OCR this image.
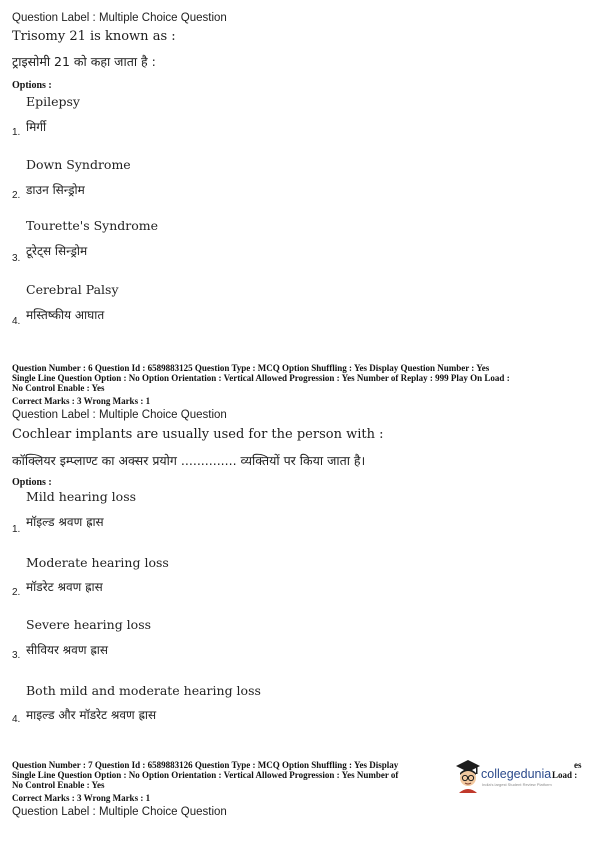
Question Label : Multiple Choice Question
Trisomy 21 is known as :
ट्राइसोमी 21 को कहा जाता है :
Options :
Epilepsy
मिर्गी
1.
Down Syndrome
डाउन सिन्ड्रोम
2.
Tourette's Syndrome
टूरेट्स सिन्ड्रोम
3.
Cerebral Palsy
मस्तिष्कीय आघात
4.
Question Number : 6 Question Id : 6589883125 Question Type : MCQ Option Shuffling : Yes Display Question Number : Yes
Single Line Question Option : No Option Orientation : Vertical Allowed Progression : Yes Number of Replay : 999 Play On Load :
No Control Enable : Yes
Correct Marks : 3 Wrong Marks : 1
Question Label : Multiple Choice Question
Cochlear implants are usually used for the person with :
कॉक्लियर इम्प्लाण्ट का अक्सर प्रयोग .............. व्यक्तियों पर किया जाता है।
Options :
Mild hearing loss
मॉइल्ड श्रवण ह्रास
1.
Moderate hearing loss
मॉडरेट श्रवण ह्रास
2.
Severe hearing loss
सीवियर श्रवण ह्रास
3.
Both mild and moderate hearing loss
माइल्ड और मॉडरेट श्रवण ह्रास
4.
Question Number : 7 Question Id : 6589883126 Question Type : MCQ Option Shuffling : Yes Display
Single Line Question Option : No Option Orientation : Vertical Allowed Progression : Yes Number of
No Control Enable : Yes
es
Load :
Correct Marks : 3 Wrong Marks : 1
Question Label : Multiple Choice Question
collegedunia
India's largest Student Review Platform
